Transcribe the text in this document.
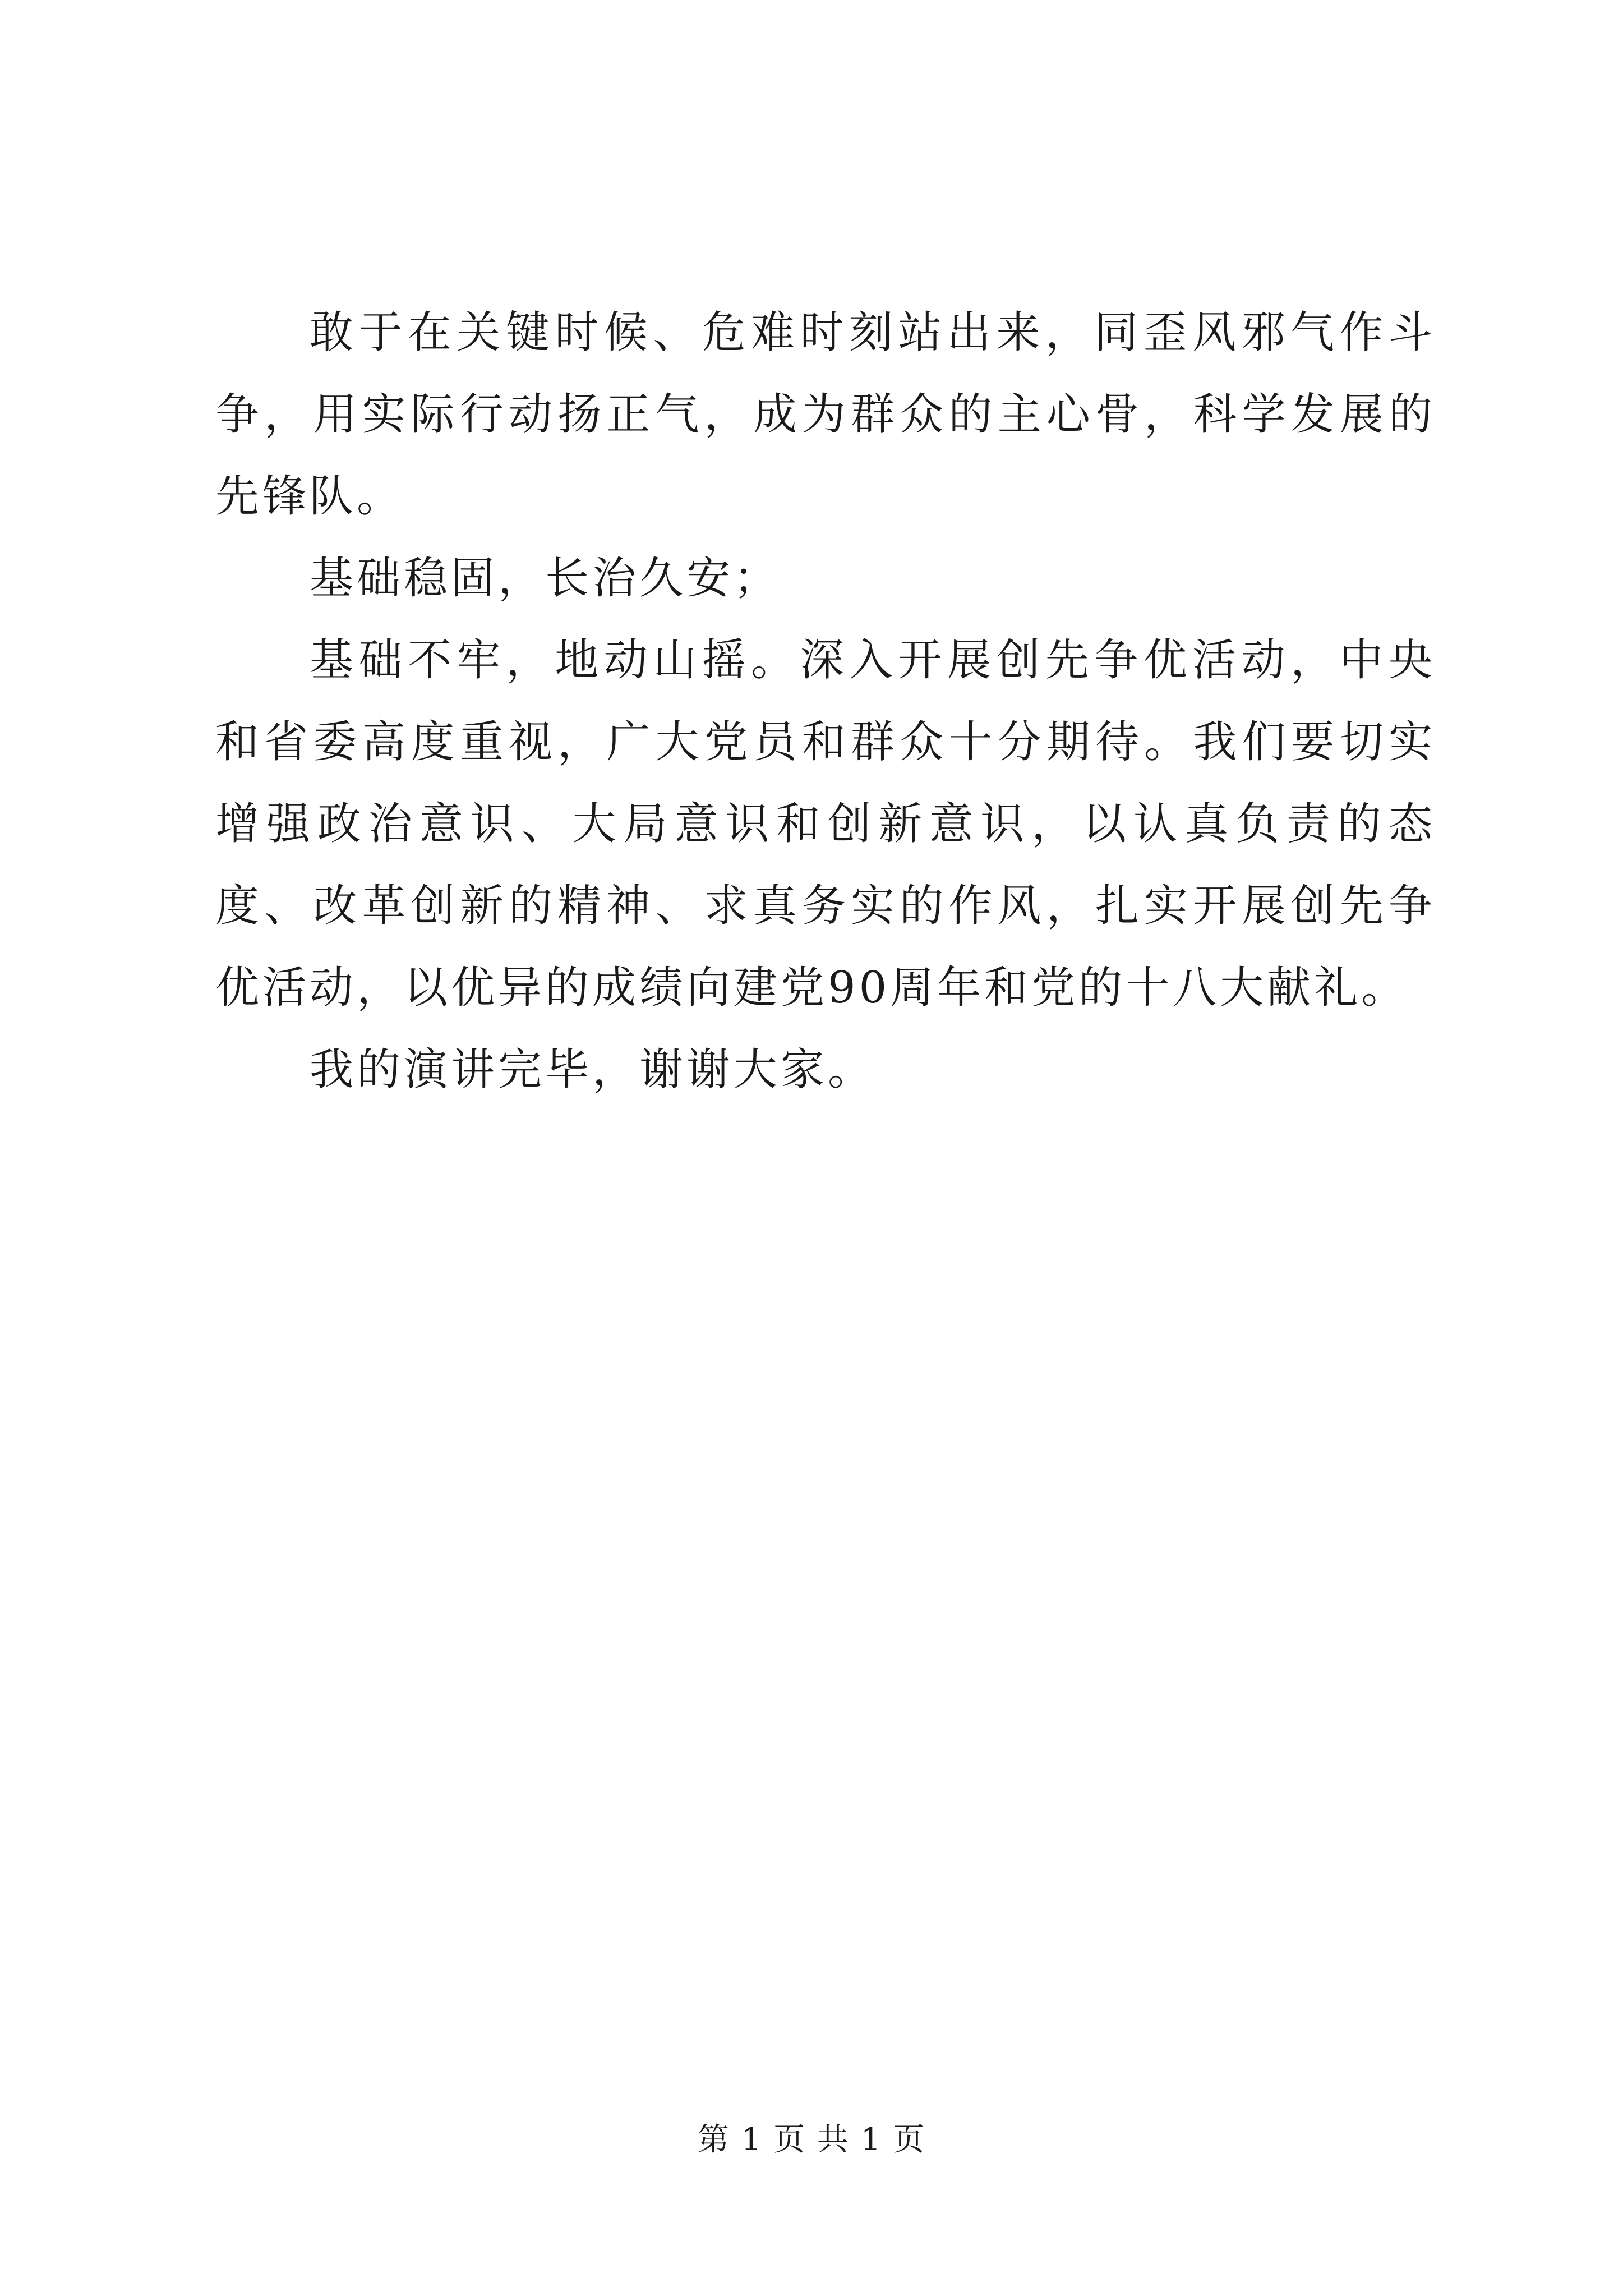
敢于在关键时候、危难时刻站出来，同歪风邪气作斗争，用实际行动扬正气，成为群众的主心骨，科学发展的先锋队。

基础稳固，长治久安；

基础不牢，地动山摇。深入开展创先争优活动，中央和省委高度重视，广大党员和群众十分期待。我们要切实增强政治意识、大局意识和创新意识，以认真负责的态度、改革创新的精神、求真务实的作风，扎实开展创先争优活动，以优异的成绩向建党90周年和党的十八大献礼。

我的演讲完毕，谢谢大家。

第 1 页 共 1 页
